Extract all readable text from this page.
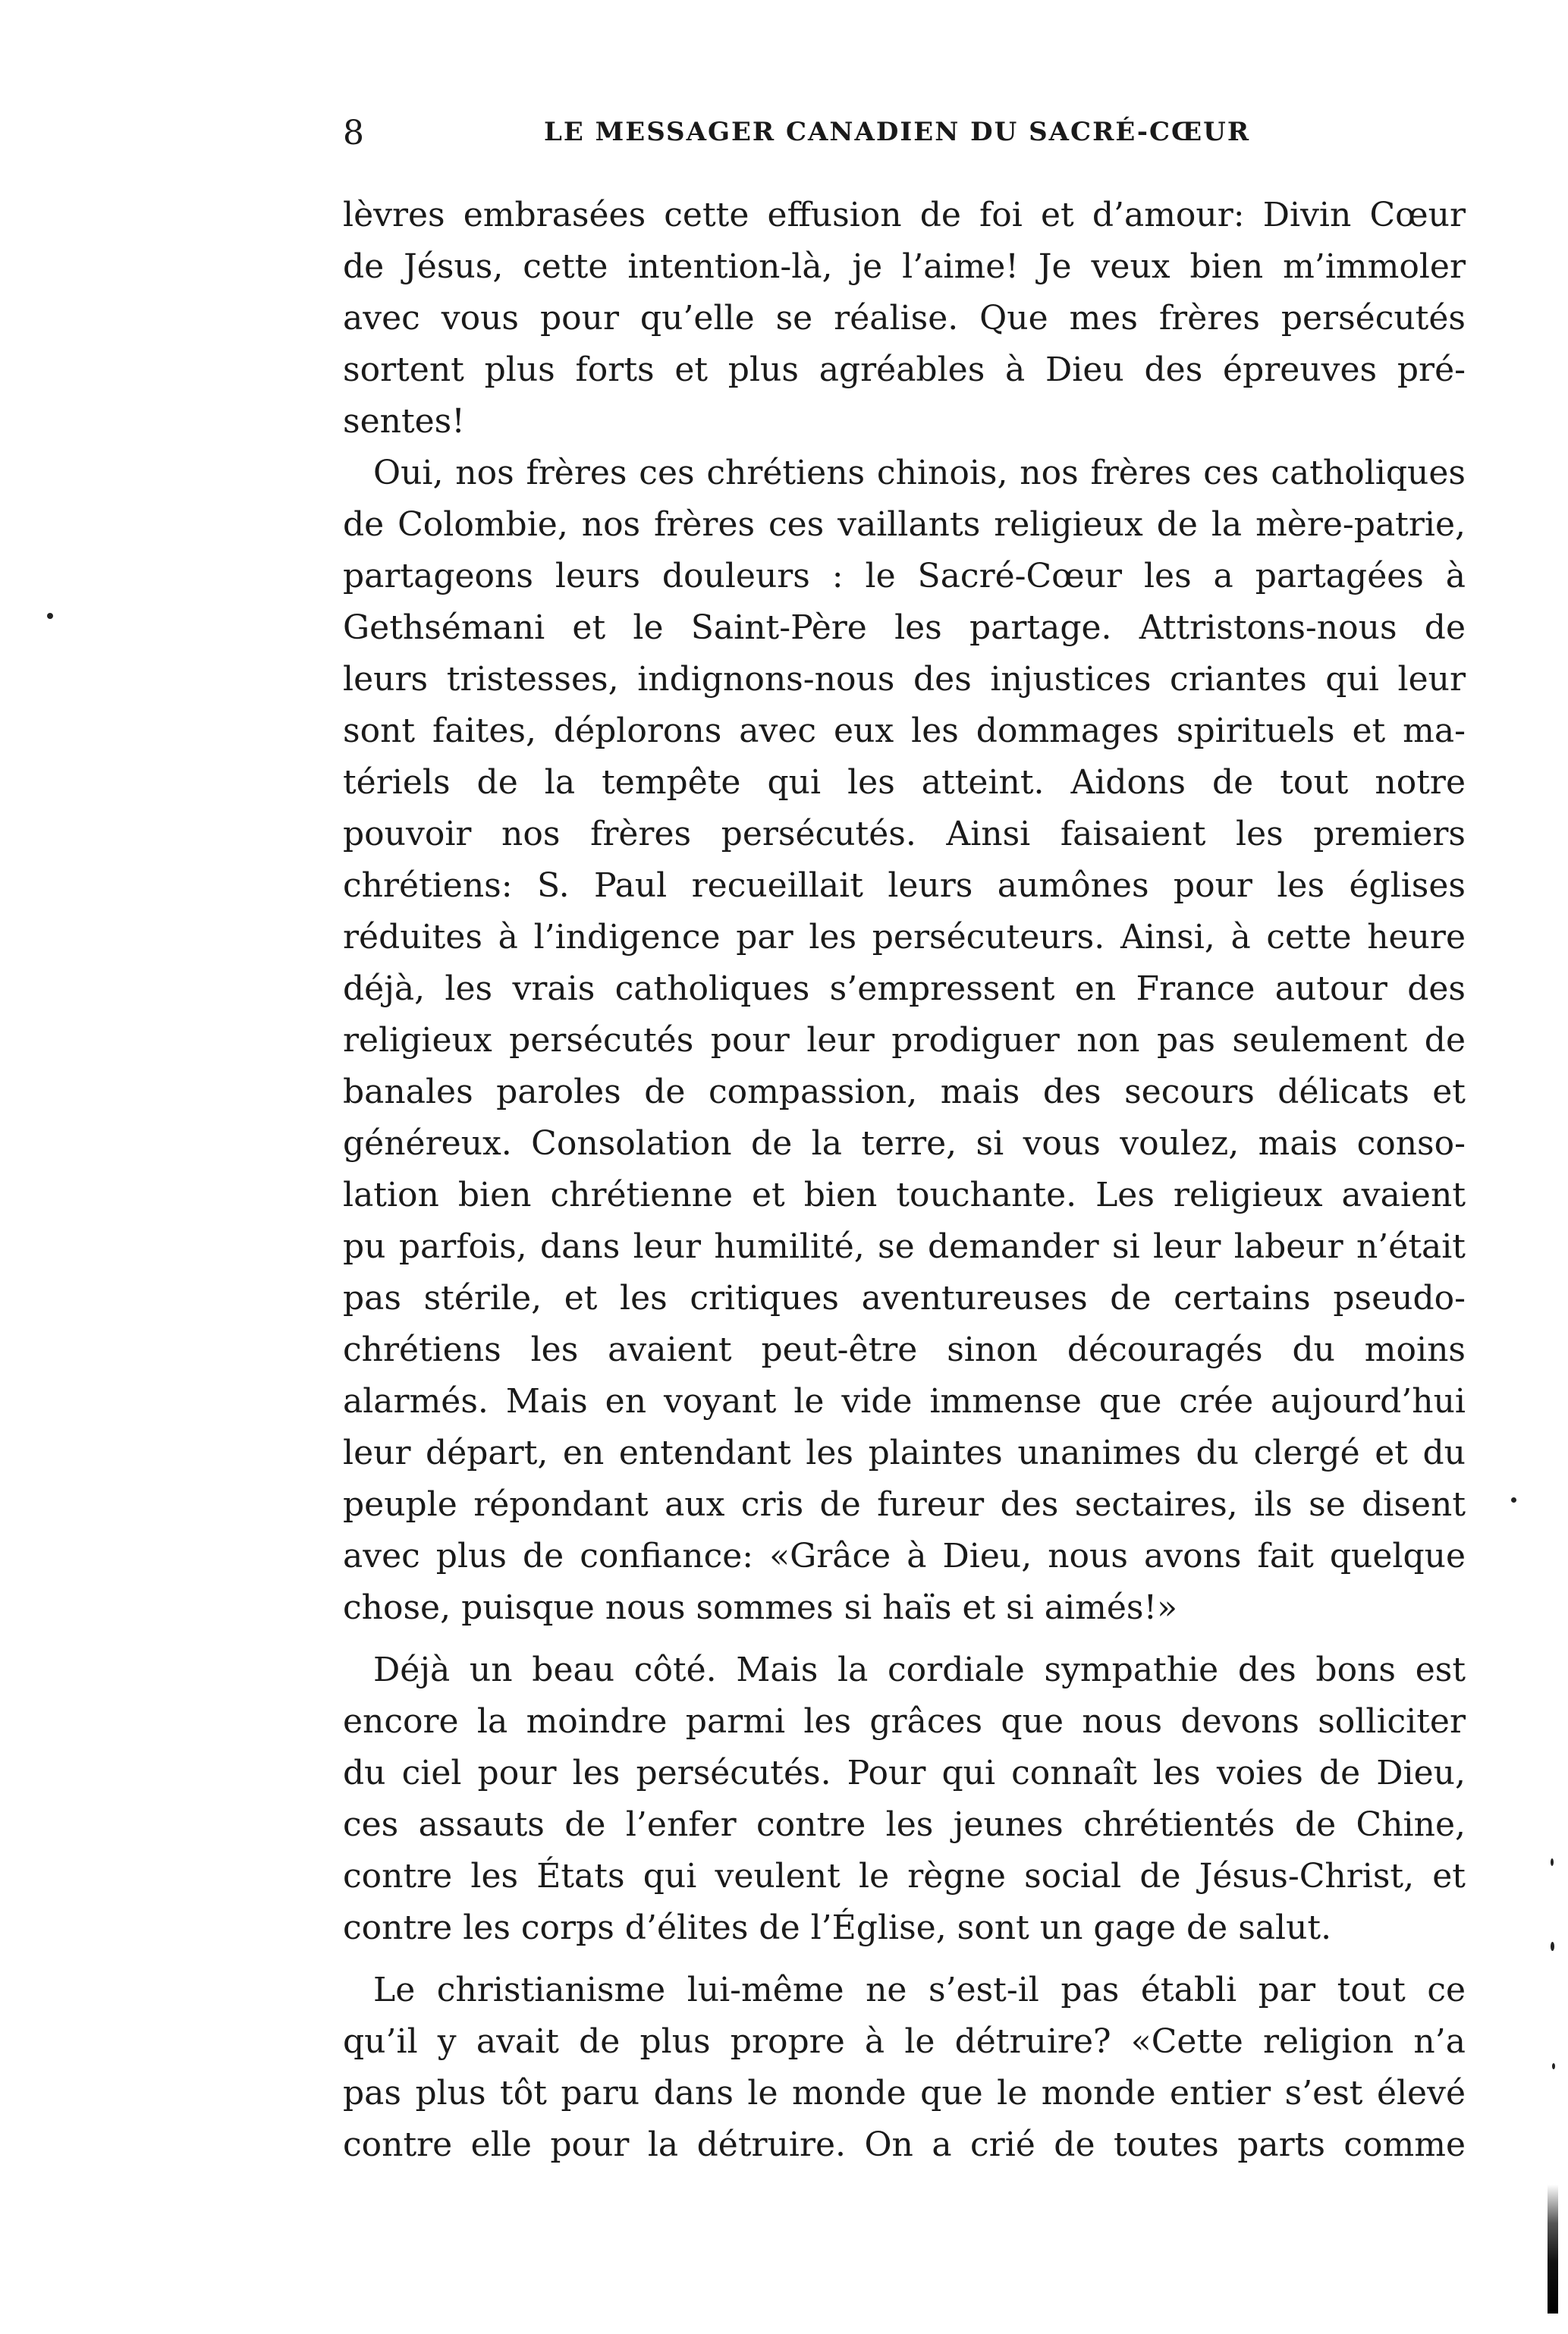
8	LE MESSAGER CANADIEN DU SACRÉ-CŒUR
lèvres embrasées cette effusion de foi et d’amour: Divin Cœur
de Jésus, cette intention-là, je l’aime! Je veux bien m’immoler
avec vous pour qu’elle se réalise. Que mes frères persécutés
sortent plus forts et plus agréables à Dieu des épreuves pré-
sentes!
Oui, nos frères ces chrétiens chinois, nos frères ces catholiques
de Colombie, nos frères ces vaillants religieux de la mère-patrie,
partageons leurs douleurs : le Sacré-Cœur les a partagées à
Gethsémani et le Saint-Père les partage. Attristons-nous de
leurs tristesses, indignons-nous des injustices criantes qui leur
sont faites, déplorons avec eux les dommages spirituels et ma-
tériels de la tempête qui les atteint. Aidons de tout notre
pouvoir nos frères persécutés. Ainsi faisaient les premiers
chrétiens: S. Paul recueillait leurs aumônes pour les églises
réduites à l’indigence par les persécuteurs. Ainsi, à cette heure
déjà, les vrais catholiques s’empressent en France autour des
religieux persécutés pour leur prodiguer non pas seulement de
banales paroles de compassion, mais des secours délicats et
généreux. Consolation de la terre, si vous voulez, mais conso-
lation bien chrétienne et bien touchante. Les religieux avaient
pu parfois, dans leur humilité, se demander si leur labeur n’était
pas stérile, et les critiques aventureuses de certains pseudo-
chrétiens les avaient peut-être sinon découragés du moins
alarmés. Mais en voyant le vide immense que crée aujourd’hui
leur départ, en entendant les plaintes unanimes du clergé et du
peuple répondant aux cris de fureur des sectaires, ils se disent
avec plus de confiance: «Grâce à Dieu, nous avons fait quelque
chose, puisque nous sommes si haïs et si aimés!»
Déjà un beau côté. Mais la cordiale sympathie des bons est
encore la moindre parmi les grâces que nous devons solliciter
du ciel pour les persécutés. Pour qui connaît les voies de Dieu,
ces assauts de l’enfer contre les jeunes chrétientés de Chine,
contre les États qui veulent le règne social de Jésus-Christ, et
contre les corps d’élites de l’Église, sont un gage de salut.
Le christianisme lui-même ne s’est-il pas établi par tout ce
qu’il y avait de plus propre à le détruire? «Cette religion n’a
pas plus tôt paru dans le monde que le monde entier s’est élevé
contre elle pour la détruire. On a crié de toutes parts comme
